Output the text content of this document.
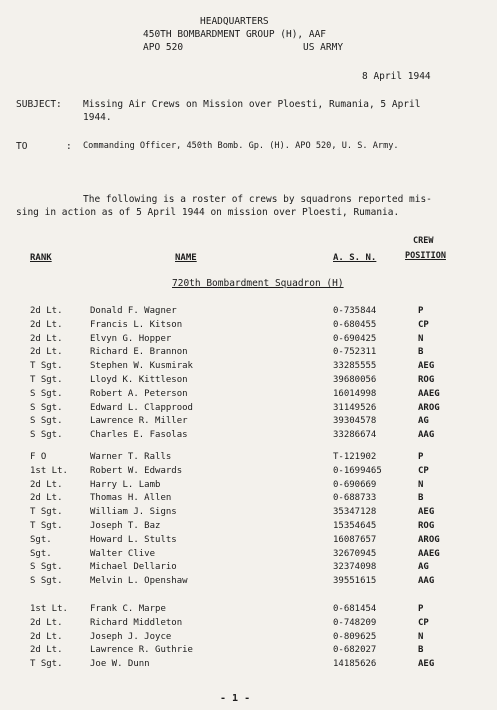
HEADQUARTERS
450TH BOMBARDMENT GROUP (H), AAF
APO 520	US ARMY
8 April 1944
SUBJECT: Missing Air Crews on Mission over Ploesti, Rumania, 5 April
1944.
TO	: Commanding Officer, 450th Bomb. Gp. (H). APO 520, U. S. Army.
The following is a roster of crews by squadrons reported mis-
sing in action as of 5 April 1944 on mission over Ploesti, Rumania.
RANK	NAME	A. S. N.
CREW
POSITION
720th Bombardment Squadron (H)
2d Lt.	Donald F. Wagner	0-735844	P
2d Lt.	Francis L. Kitson	0-680455	CP
2d Lt.	Elvyn G. Hopper	0-690425	N
2d Lt.	Richard E. Brannon	0-752311	B
T Sgt.	Stephen W. Kusmirak	33285555	AEG
T Sgt.	Lloyd K. Kittleson	39680056	ROG
S Sgt.	Robert A. Peterson	16014998	AAEG
S Sgt.	Edward L. Clapprood	31149526	AROG
S Sgt.	Lawrence R. Miller	39304578	AG
S Sgt.	Charles E. Fasolas	33286674	AAG
F O	Warner T. Ralls	T-121902	P
1st Lt. Robert W. Edwards	0-1699465	CP
2d Lt.	Harry L. Lamb	0-690669	N
2d Lt.	Thomas H. Allen	0-688733	B
T Sgt.	William J. Signs	35347128	AEG
T Sgt.	Joseph T. Baz	15354645	ROG
Sgt.	Howard L. Stults	16087657	AROG
Sgt.	Walter Clive	32670945	AAEG
S Sgt.	Michael Dellario	32374098	AG
S Sgt.	Melvin L. Openshaw	39551615	AAG
1st Lt. Frank C. Marpe	0-681454	P
2d Lt.	Richard Middleton	0-748209	CP
2d Lt.	Joseph J. Joyce	0-809625	N
2d Lt.	Lawrence R. Guthrie	0-682027	B
T Sgt.	Joe W. Dunn	14185626	AEG
- 1 -
